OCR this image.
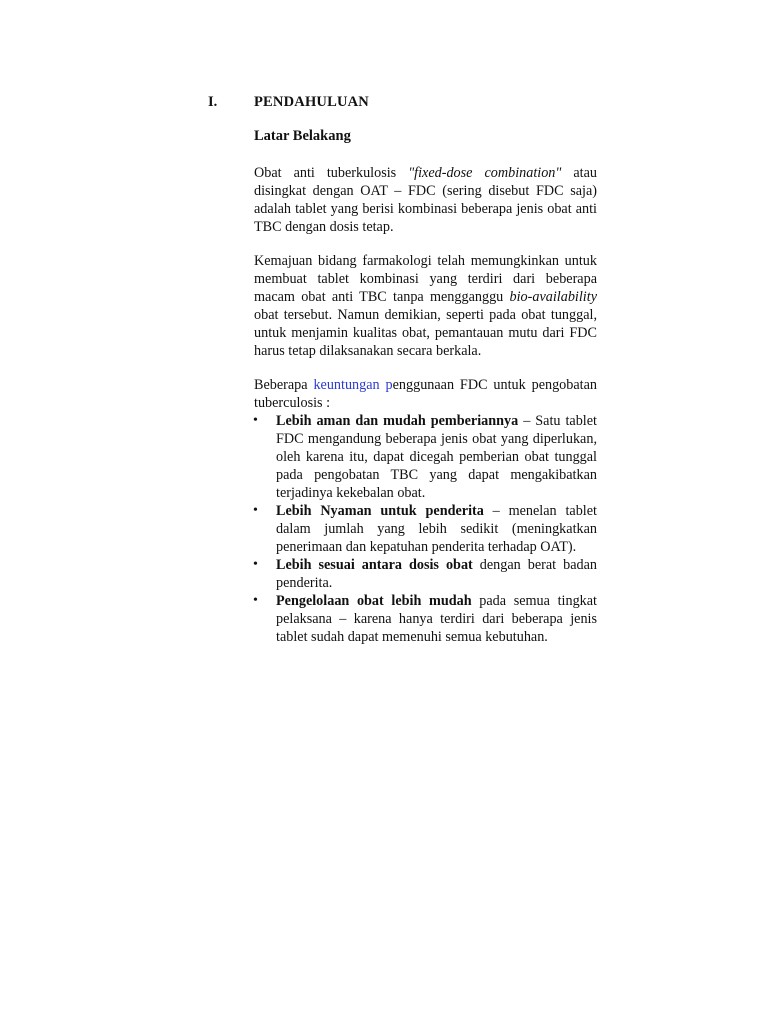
I.	PENDAHULUAN
Latar Belakang

Obat anti tuberkulosis "fixed-dose combination" atau disingkat dengan OAT – FDC (sering disebut FDC saja) adalah tablet yang berisi kombinasi beberapa jenis obat anti TBC dengan dosis tetap.

Kemajuan bidang farmakologi telah memungkinkan untuk membuat tablet kombinasi yang terdiri dari beberapa macam obat anti TBC tanpa mengganggu bio-availability obat tersebut. Namun demikian, seperti pada obat tunggal, untuk menjamin kualitas obat, pemantauan mutu dari FDC harus tetap dilaksanakan secara berkala.

Beberapa keuntungan penggunaan FDC untuk pengobatan tuberculosis :

• Lebih aman dan mudah pemberiannya – Satu tablet FDC mengandung beberapa jenis obat yang diperlukan, oleh karena itu, dapat dicegah pemberian obat tunggal pada pengobatan TBC yang dapat mengakibatkan terjadinya kekebalan obat.
• Lebih Nyaman untuk penderita – menelan tablet dalam jumlah yang lebih sedikit (meningkatkan penerimaan dan kepatuhan penderita terhadap OAT).
• Lebih sesuai antara dosis obat dengan berat badan penderita.
• Pengelolaan obat lebih mudah pada semua tingkat pelaksana – karena hanya terdiri dari beberapa jenis tablet sudah dapat memenuhi semua kebutuhan.
